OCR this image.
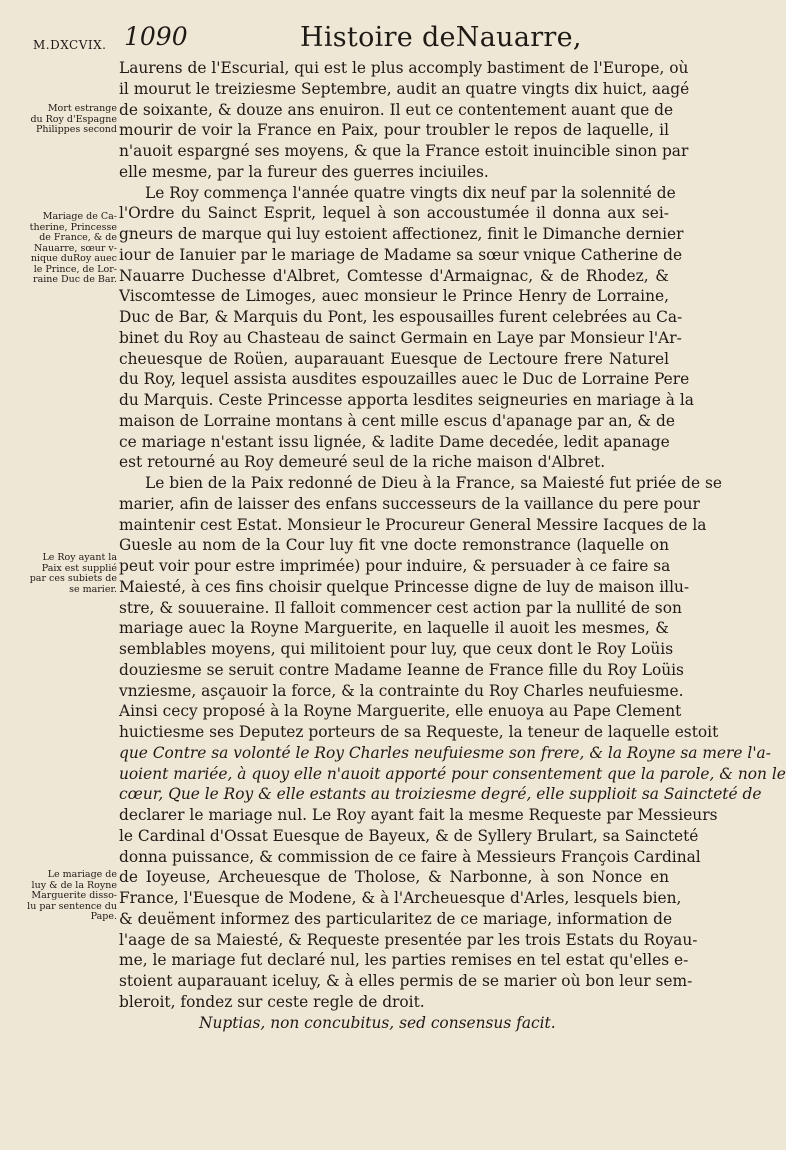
M.DXCVIX. 1090	Histoire deNauarre,
Mort estrange
du Roy d'Espagne
Philippes second
Mariage de Ca-
therine, Princesse
de France, & de
Nauarre, sœur v-
nique duRoy auec
le Prince, de Lor-
raine Duc de Bar.
Le Roy ayant la
Paix est supplié
par ces subiets de
se marier.
Le mariage de
luy & de la Royne
Marguerite disso-
lu par sentence du
Pape.
Laurens de l'Escurial, qui est le plus accomply bastiment de l'Europe, où
il mourut le treiziesme Septembre, audit an quatre vingts dix huict, aagé
de soixante, & douze ans enuiron. Il eut ce contentement auant que de
mourir de voir la France en Paix, pour troubler le repos de laquelle, il
n'auoit espargné ses moyens, & que la France estoit inuincible sinon par
elle mesme, par la fureur des guerres inciuiles.
Le Roy commença l'année quatre vingts dix neuf par la solennité de
l'Ordre du Sainct Esprit, lequel à son accoustumée il donna aux sei-
gneurs de marque qui luy estoient affectionez, finit le Dimanche dernier
iour de Ianuier par le mariage de Madame sa sœur vnique Catherine de
Nauarre Duchesse d'Albret, Comtesse d'Armaignac, & de Rhodez, &
Viscomtesse de Limoges, auec monsieur le Prince Henry de Lorraine,
Duc de Bar, & Marquis du Pont, les espousailles furent celebrées au Ca-
binet du Roy au Chasteau de sainct Germain en Laye par Monsieur l'Ar-
cheuesque de Roüen, auparauant Euesque de Lectoure frere Naturel
du Roy, lequel assista ausdites espouzailles auec le Duc de Lorraine Pere
du Marquis. Ceste Princesse apporta lesdites seigneuries en mariage à la
maison de Lorraine montans à cent mille escus d'apanage par an, & de
ce mariage n'estant issu lignée, & ladite Dame decedée, ledit apanage
est retourné au Roy demeuré seul de la riche maison d'Albret.
Le bien de la Paix redonné de Dieu à la France, sa Maiesté fut priée de se
marier, afin de laisser des enfans successeurs de la vaillance du pere pour
maintenir cest Estat. Monsieur le Procureur General Messire Iacques de la
Guesle au nom de la Cour luy fit vne docte remonstrance (laquelle on
peut voir pour estre imprimée) pour induire, & persuader à ce faire sa
Maiesté, à ces fins choisir quelque Princesse digne de luy de maison illu-
stre, & souueraine. Il falloit commencer cest action par la nullité de son
mariage auec la Royne Marguerite, en laquelle il auoit les mesmes, &
semblables moyens, qui militoient pour luy, que ceux dont le Roy Loüis
douziesme se seruit contre Madame Ieanne de France fille du Roy Loüis
vnziesme, asçauoir la force, & la contrainte du Roy Charles neufuiesme.
Ainsi cecy proposé à la Royne Marguerite, elle enuoya au Pape Clement
huictiesme ses Deputez porteurs de sa Requeste, la teneur de laquelle estoit
que Contre sa volonté le Roy Charles neufuiesme son frere, & la Royne sa mere l'a-
uoient mariée, à quoy elle n'auoit apporté pour consentement que la parole, & non le
cœur, Que le Roy & elle estants au troiziesme degré, elle supplioit sa Saincteté de
declarer le mariage nul. Le Roy ayant fait la mesme Requeste par Messieurs
le Cardinal d'Ossat Euesque de Bayeux, & de Syllery Brulart, sa Saincteté
donna puissance, & commission de ce faire à Messieurs François Cardinal
de Ioyeuse, Archeuesque de Tholose, & Narbonne, à son Nonce en
France, l'Euesque de Modene, & à l'Archeuesque d'Arles, lesquels bien,
& deuëment informez des particularitez de ce mariage, information de
l'aage de sa Maiesté, & Requeste presentée par les trois Estats du Royau-
me, le mariage fut declaré nul, les parties remises en tel estat qu'elles e-
stoient auparauant iceluy, & à elles permis de se marier où bon leur sem-
bleroit, fondez sur ceste regle de droit.
Nuptias, non concubitus, sed consensus facit.
